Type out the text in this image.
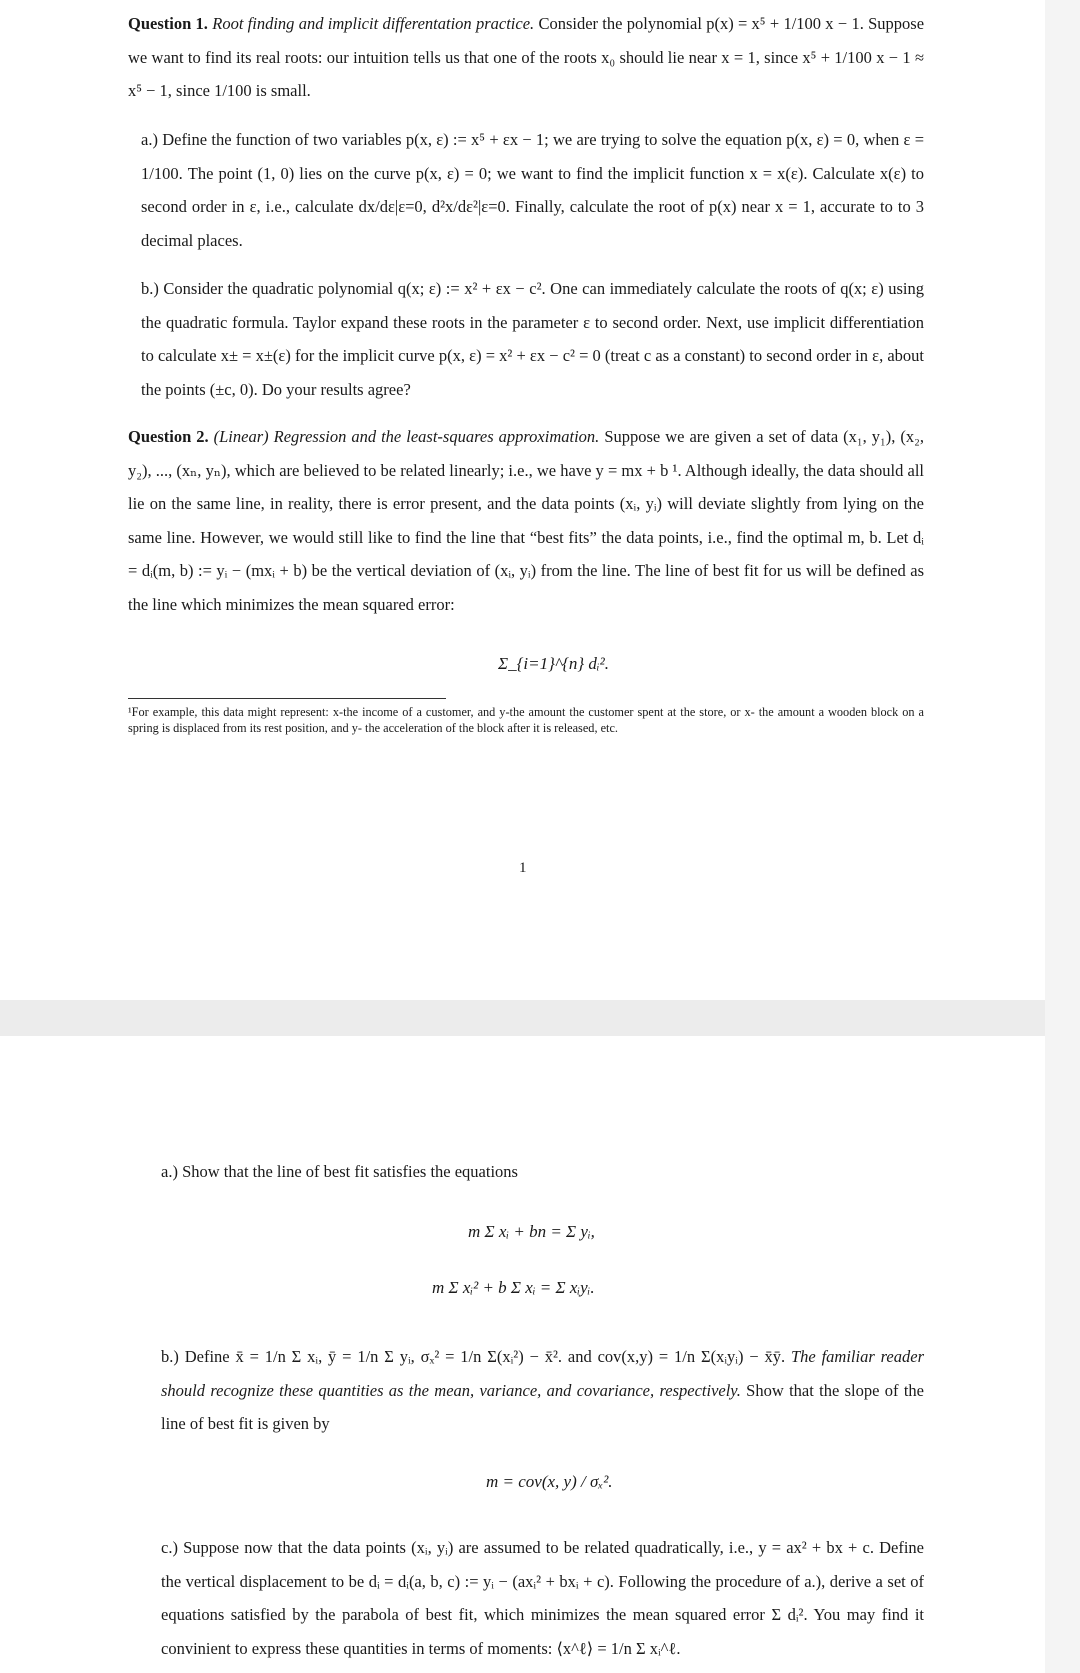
Question 1. Root finding and implicit differentation practice. Consider the polynomial p(x) = x⁵ + 1/100 x − 1. Suppose we want to find its real roots: our intuition tells us that one of the roots x₀ should lie near x = 1, since x⁵ + 1/100 x − 1 ≈ x⁵ − 1, since 1/100 is small.

a.) Define the function of two variables p(x, ε) := x⁵ + εx − 1; we are trying to solve the equation p(x, ε) = 0, when ε = 1/100. The point (1, 0) lies on the curve p(x, ε) = 0; we want to find the implicit function x = x(ε). Calculate x(ε) to second order in ε, i.e., calculate dx/dε|ε=0, d²x/dε²|ε=0. Finally, calculate the root of p(x) near x = 1, accurate to to 3 decimal places.

b.) Consider the quadratic polynomial q(x; ε) := x² + εx − c². One can immediately calculate the roots of q(x; ε) using the quadratic formula. Taylor expand these roots in the parameter ε to second order. Next, use implicit differentiation to calculate x± = x±(ε) for the implicit curve p(x, ε) = x² + εx − c² = 0 (treat c as a constant) to second order in ε, about the points (±c, 0). Do your results agree?

Question 2. (Linear) Regression and the least-squares approximation. Suppose we are given a set of data (x₁, y₁), (x₂, y₂), ..., (xₙ, yₙ), which are believed to be related linearly; i.e., we have y = mx + b ¹. Although ideally, the data should all lie on the same line, in reality, there is error present, and the data points (xᵢ, yᵢ) will deviate slightly from lying on the same line. However, we would still like to find the line that “best fits” the data points, i.e., find the optimal m, b. Let dᵢ = dᵢ(m, b) := yᵢ − (mxᵢ + b) be the vertical deviation of (xᵢ, yᵢ) from the line. The line of best fit for us will be defined as the line which minimizes the mean squared error:

Σ_{i=1}^{n} dᵢ².
¹For example, this data might represent: x-the income of a customer, and y-the amount the customer spent at the store, or x- the amount a wooden block on a spring is displaced from its rest position, and y- the acceleration of the block after it is released, etc.
1

a.) Show that the line of best fit satisfies the equations

m Σ xᵢ + bn = Σ yᵢ,
m Σ xᵢ² + b Σ xᵢ = Σ xᵢyᵢ.

b.) Define x̄ = 1/n Σ xᵢ, ȳ = 1/n Σ yᵢ, σₓ² = 1/n Σ(xᵢ²) − x̄². and cov(x,y) = 1/n Σ(xᵢyᵢ) − x̄ȳ. The familiar reader should recognize these quantities as the mean, variance, and covariance, respectively. Show that the slope of the line of best fit is given by

m = cov(x, y) / σₓ².

c.) Suppose now that the data points (xᵢ, yᵢ) are assumed to be related quadratically, i.e., y = ax² + bx + c. Define the vertical displacement to be dᵢ = dᵢ(a, b, c) := yᵢ − (axᵢ² + bxᵢ + c). Following the procedure of a.), derive a set of equations satisfied by the parabola of best fit, which minimizes the mean squared error Σ dᵢ². You may find it convinient to express these quantities in terms of moments: ⟨x^ℓ⟩ = 1/n Σ xᵢ^ℓ.
